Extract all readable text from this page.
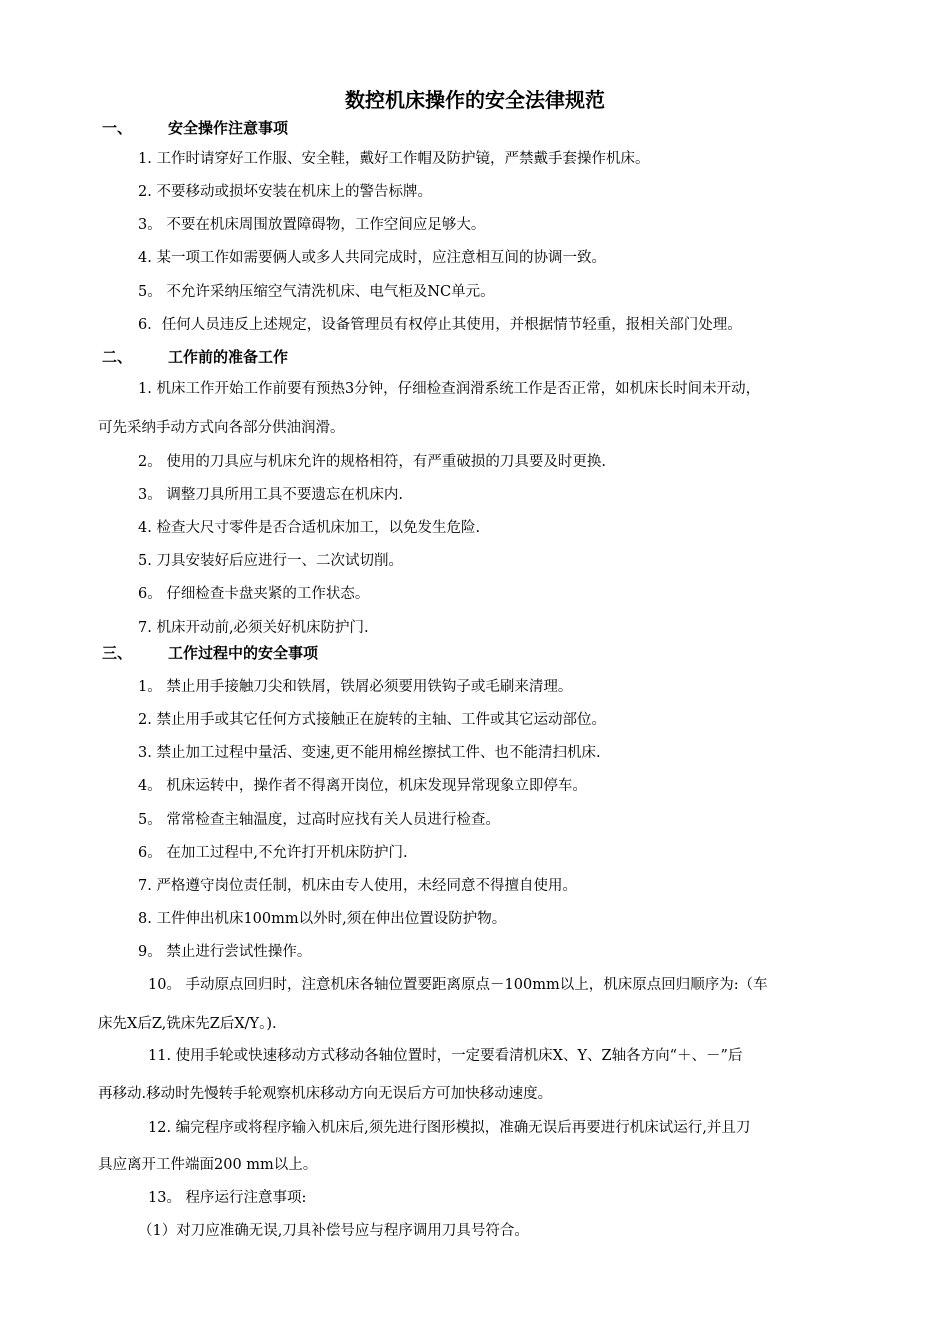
数控机床操作的安全法律规范
一、 安全操作注意事项

1. 工作时请穿好工作服、安全鞋，戴好工作帽及防护镜，严禁戴手套操作机床。

2. 不要移动或损坏安装在机床上的警告标牌。

3。 不要在机床周围放置障碍物，工作空间应足够大。

4. 某一项工作如需要俩人或多人共同完成时，应注意相互间的协调一致。

5。 不允许采纳压缩空气清洗机床、电气柜及NC单元。

6．任何人员违反上述规定，设备管理员有权停止其使用，并根据情节轻重，报相关部门处理。

二、 工作前的准备工作

1. 机床工作开始工作前要有预热3分钟，仔细检查润滑系统工作是否正常，如机床长时间未开动，

可先采纳手动方式向各部分供油润滑。

2。 使用的刀具应与机床允许的规格相符，有严重破损的刀具要及时更换.

3。 调整刀具所用工具不要遗忘在机床内.

4. 检查大尺寸零件是否合适机床加工，以免发生危险.

5. 刀具安装好后应进行一、二次试切削。

6。 仔细检查卡盘夹紧的工作状态。

7. 机床开动前,必须关好机床防护门.

三、 工作过程中的安全事项

1。 禁止用手接触刀尖和铁屑，铁屑必须要用铁钩子或毛刷来清理。

2. 禁止用手或其它任何方式接触正在旋转的主轴、工件或其它运动部位。

3. 禁止加工过程中量活、变速,更不能用棉丝擦拭工件、也不能清扫机床.

4。 机床运转中，操作者不得离开岗位，机床发现异常现象立即停车。

5。 常常检查主轴温度，过高时应找有关人员进行检查。

6。 在加工过程中,不允许打开机床防护门.

7. 严格遵守岗位责任制，机床由专人使用，未经同意不得擅自使用。

8. 工件伸出机床100mm以外时,须在伸出位置设防护物。

9。 禁止进行尝试性操作。

10。 手动原点回归时，注意机床各轴位置要距离原点－100mm以上，机床原点回归顺序为:（车

床先X后Z,铣床先Z后X/Y。).

11. 使用手轮或快速移动方式移动各轴位置时，一定要看清机床X、Y、Z轴各方向“＋、－”后

再移动.移动时先慢转手轮观察机床移动方向无误后方可加快移动速度。

12. 编完程序或将程序输入机床后,须先进行图形模拟，准确无误后再要进行机床试运行,并且刀

具应离开工件端面200 mm以上。

13。 程序运行注意事项:

（1）对刀应准确无误,刀具补偿号应与程序调用刀具号符合。
